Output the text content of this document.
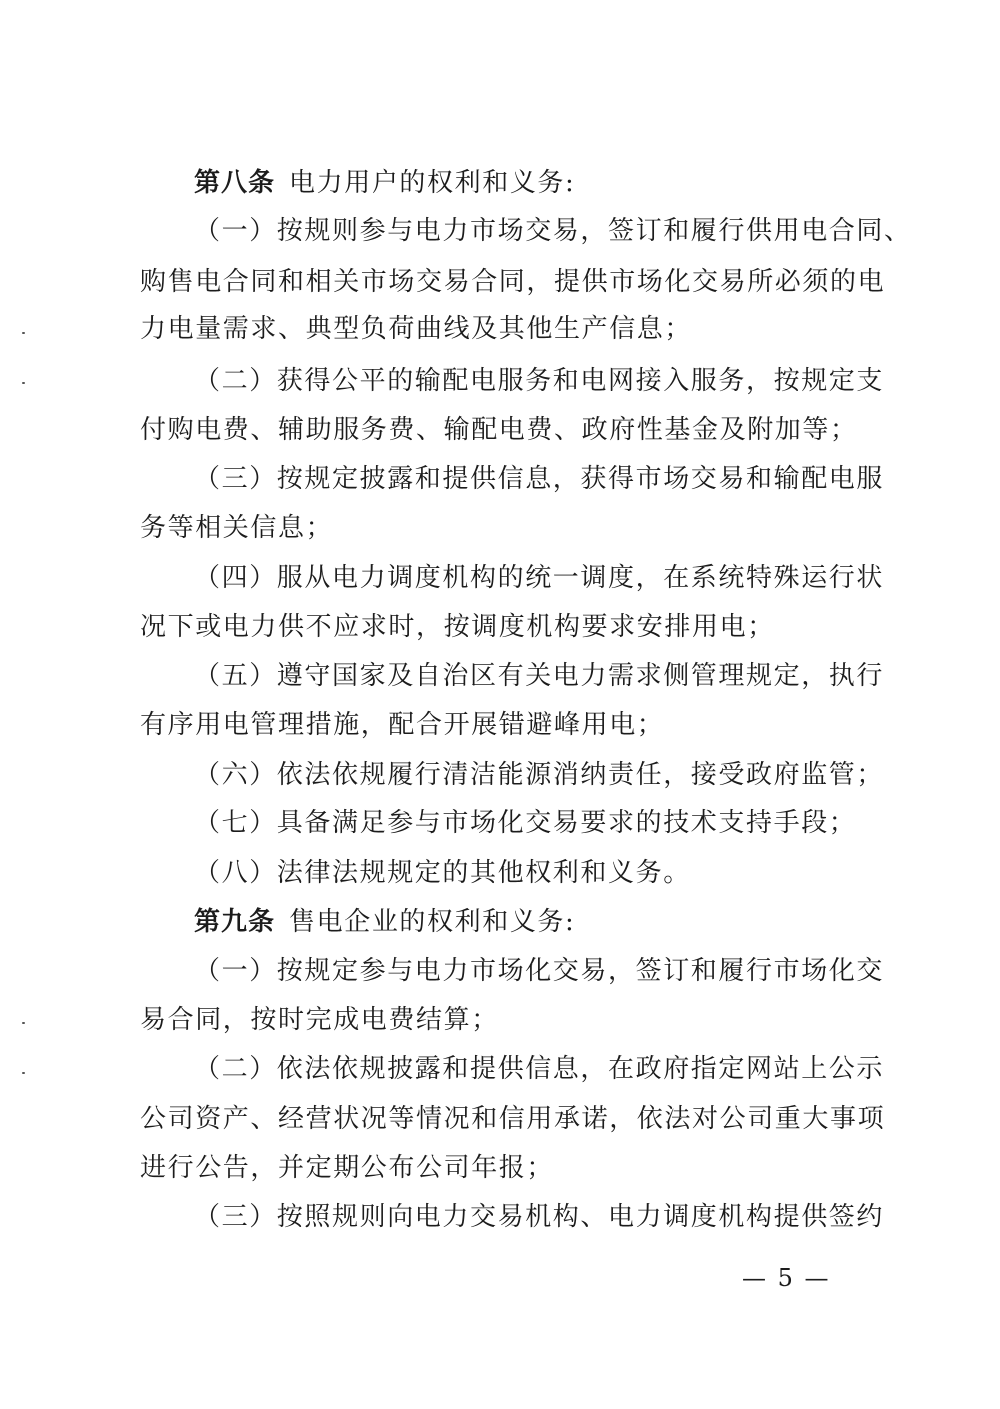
第八条 电力用户的权利和义务:
（一）按规则参与电力市场交易，签订和履行供用电合同、
购售电合同和相关市场交易合同，提供市场化交易所必须的电
力电量需求、典型负荷曲线及其他生产信息；
（二）获得公平的输配电服务和电网接入服务，按规定支
付购电费、辅助服务费、输配电费、政府性基金及附加等；
（三）按规定披露和提供信息，获得市场交易和输配电服
务等相关信息；
（四）服从电力调度机构的统一调度，在系统特殊运行状
况下或电力供不应求时，按调度机构要求安排用电；
（五）遵守国家及自治区有关电力需求侧管理规定，执行
有序用电管理措施，配合开展错避峰用电；
（六）依法依规履行清洁能源消纳责任，接受政府监管；
（七）具备满足参与市场化交易要求的技术支持手段；
（八）法律法规规定的其他权利和义务。
第九条 售电企业的权利和义务:
（一）按规定参与电力市场化交易，签订和履行市场化交
易合同，按时完成电费结算；
（二）依法依规披露和提供信息，在政府指定网站上公示
公司资产、经营状况等情况和信用承诺，依法对公司重大事项
进行公告，并定期公布公司年报；
（三）按照规则向电力交易机构、电力调度机构提供签约
— 5 —
